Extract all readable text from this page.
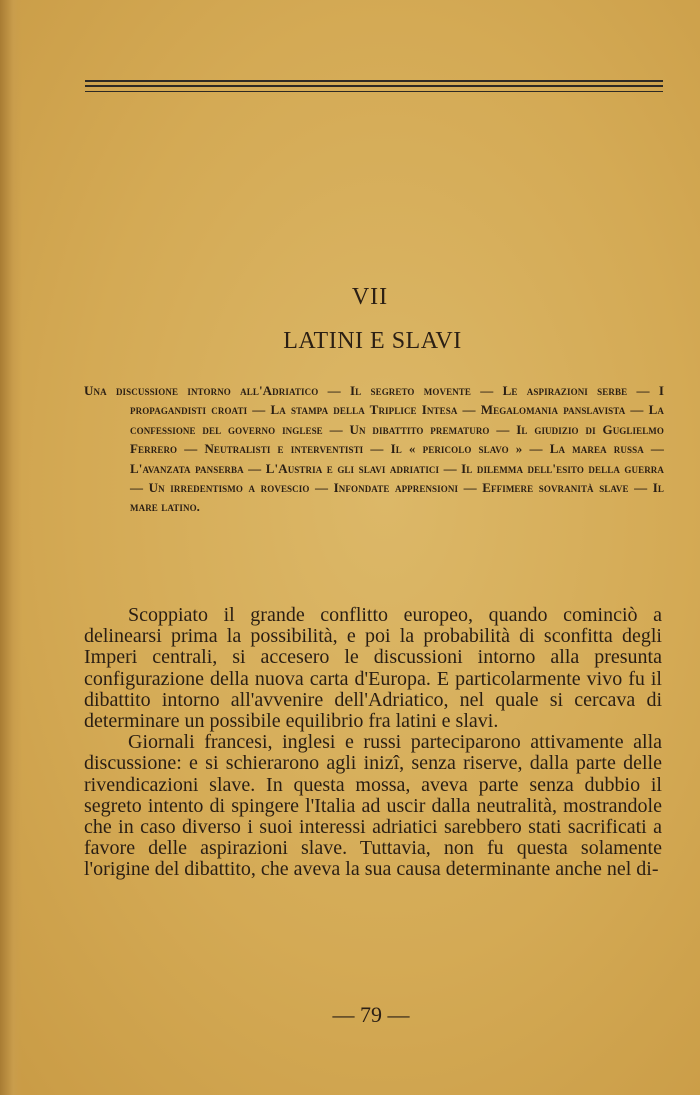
VII
LATINI E SLAVI

Una discussione intorno all'Adriatico — Il segreto movente — Le aspirazioni serbe — I propagandisti croati — La stampa della Triplice Intesa — Megalomania panslavista — La confessione del governo inglese — Un dibattito prematuro — Il giudizio di Guglielmo Ferrero — Neutralisti e interventisti — Il « pericolo slavo » — La marea russa — L'avanzata panserba — L'Austria e gli slavi adriatici — Il dilemma dell'esito della guerra — Un irredentismo a rovescio — Infondate apprensioni — Effimere sovranità slave — Il mare latino.

Scoppiato il grande conflitto europeo, quando cominciò a delinearsi prima la possibilità, e poi la probabilità di sconfitta degli Imperi centrali, si accesero le discussioni intorno alla presunta configurazione della nuova carta d'Europa. E particolarmente vivo fu il dibattito intorno all'avvenire dell'Adriatico, nel quale si cercava di determinare un possibile equilibrio fra latini e slavi.

Giornali francesi, inglesi e russi parteciparono attivamente alla discussione: e si schierarono agli inizî, senza riserve, dalla parte delle rivendicazioni slave. In questa mossa, aveva parte senza dubbio il segreto intento di spingere l'Italia ad uscir dalla neutralità, mostrandole che in caso diverso i suoi interessi adriatici sarebbero stati sacrificati a favore delle aspirazioni slave. Tuttavia, non fu questa solamente l'origine del dibattito, che aveva la sua causa determinante anche nel di-

— 79 —
